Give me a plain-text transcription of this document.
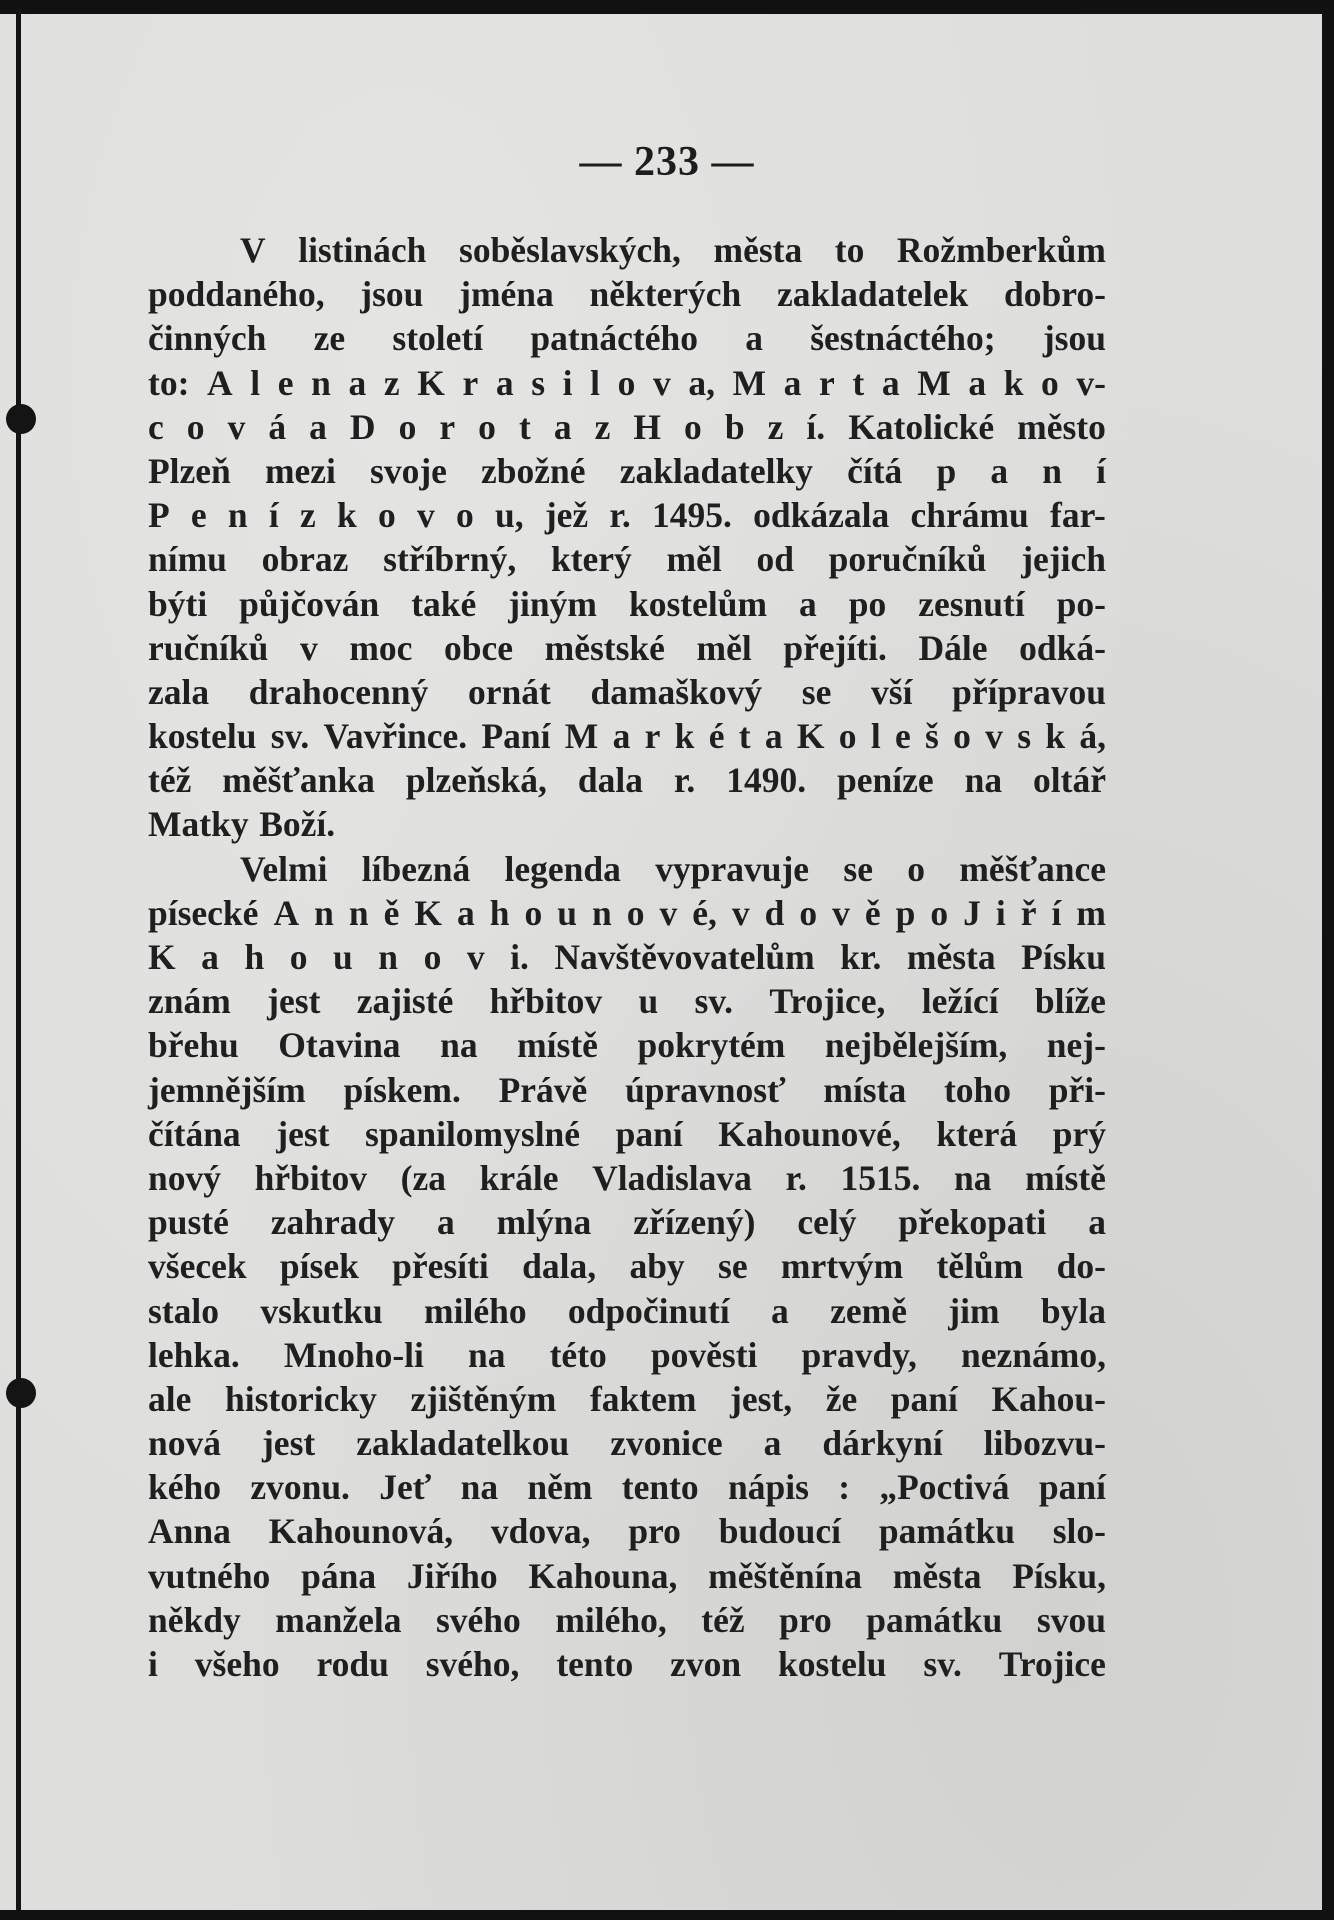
— 233 —
V listinách soběslavských, města to Rožmberkům
poddaného, jsou jména některých zakladatelek dobro-
činných ze století patnáctého a šestnáctého; jsou
to: A l e n a z K r a s i l o v a, M a r t a M a k o v-
c o v á a D o r o t a z H o b z í. Katolické město
Plzeň mezi svoje zbožné zakladatelky čítá p a n í
P e n í z k o v o u, jež r. 1495. odkázala chrámu far-
nímu obraz stříbrný, který měl od poručníků jejich
býti půjčován také jiným kostelům a po zesnutí po-
ručníků v moc obce městské měl přejíti. Dále odká-
zala drahocenný ornát damaškový se vší přípravou
kostelu sv. Vavřince. Paní M a r k é t a K o l e š o v s k á,
též měšťanka plzeňská, dala r. 1490. peníze na oltář
Matky Boží.
Velmi líbezná legenda vypravuje se o měšťance
písecké A n n ě K a h o u n o v é, v d o v ě p o J i ř í m
K a h o u n o v i. Navštěvovatelům kr. města Písku
znám jest zajisté hřbitov u sv. Trojice, ležící blíže
břehu Otavina na místě pokrytém nejbělejším, nej-
jemnějším pískem. Právě úpravnosť místa toho při-
čítána jest spanilomyslné paní Kahounové, která prý
nový hřbitov (za krále Vladislava r. 1515. na místě
pusté zahrady a mlýna zřízený) celý překopati a
všecek písek přesíti dala, aby se mrtvým tělům do-
stalo vskutku milého odpočinutí a země jim byla
lehka. Mnoho-li na této pověsti pravdy, neznámo,
ale historicky zjištěným faktem jest, že paní Kahou-
nová jest zakladatelkou zvonice a dárkyní libozvu-
kého zvonu. Jeť na něm tento nápis : „Poctivá paní
Anna Kahounová, vdova, pro budoucí památku slo-
vutného pána Jiřího Kahouna, měštěnína města Písku,
někdy manžela svého milého, též pro památku svou
i všeho rodu svého, tento zvon kostelu sv. Trojice
